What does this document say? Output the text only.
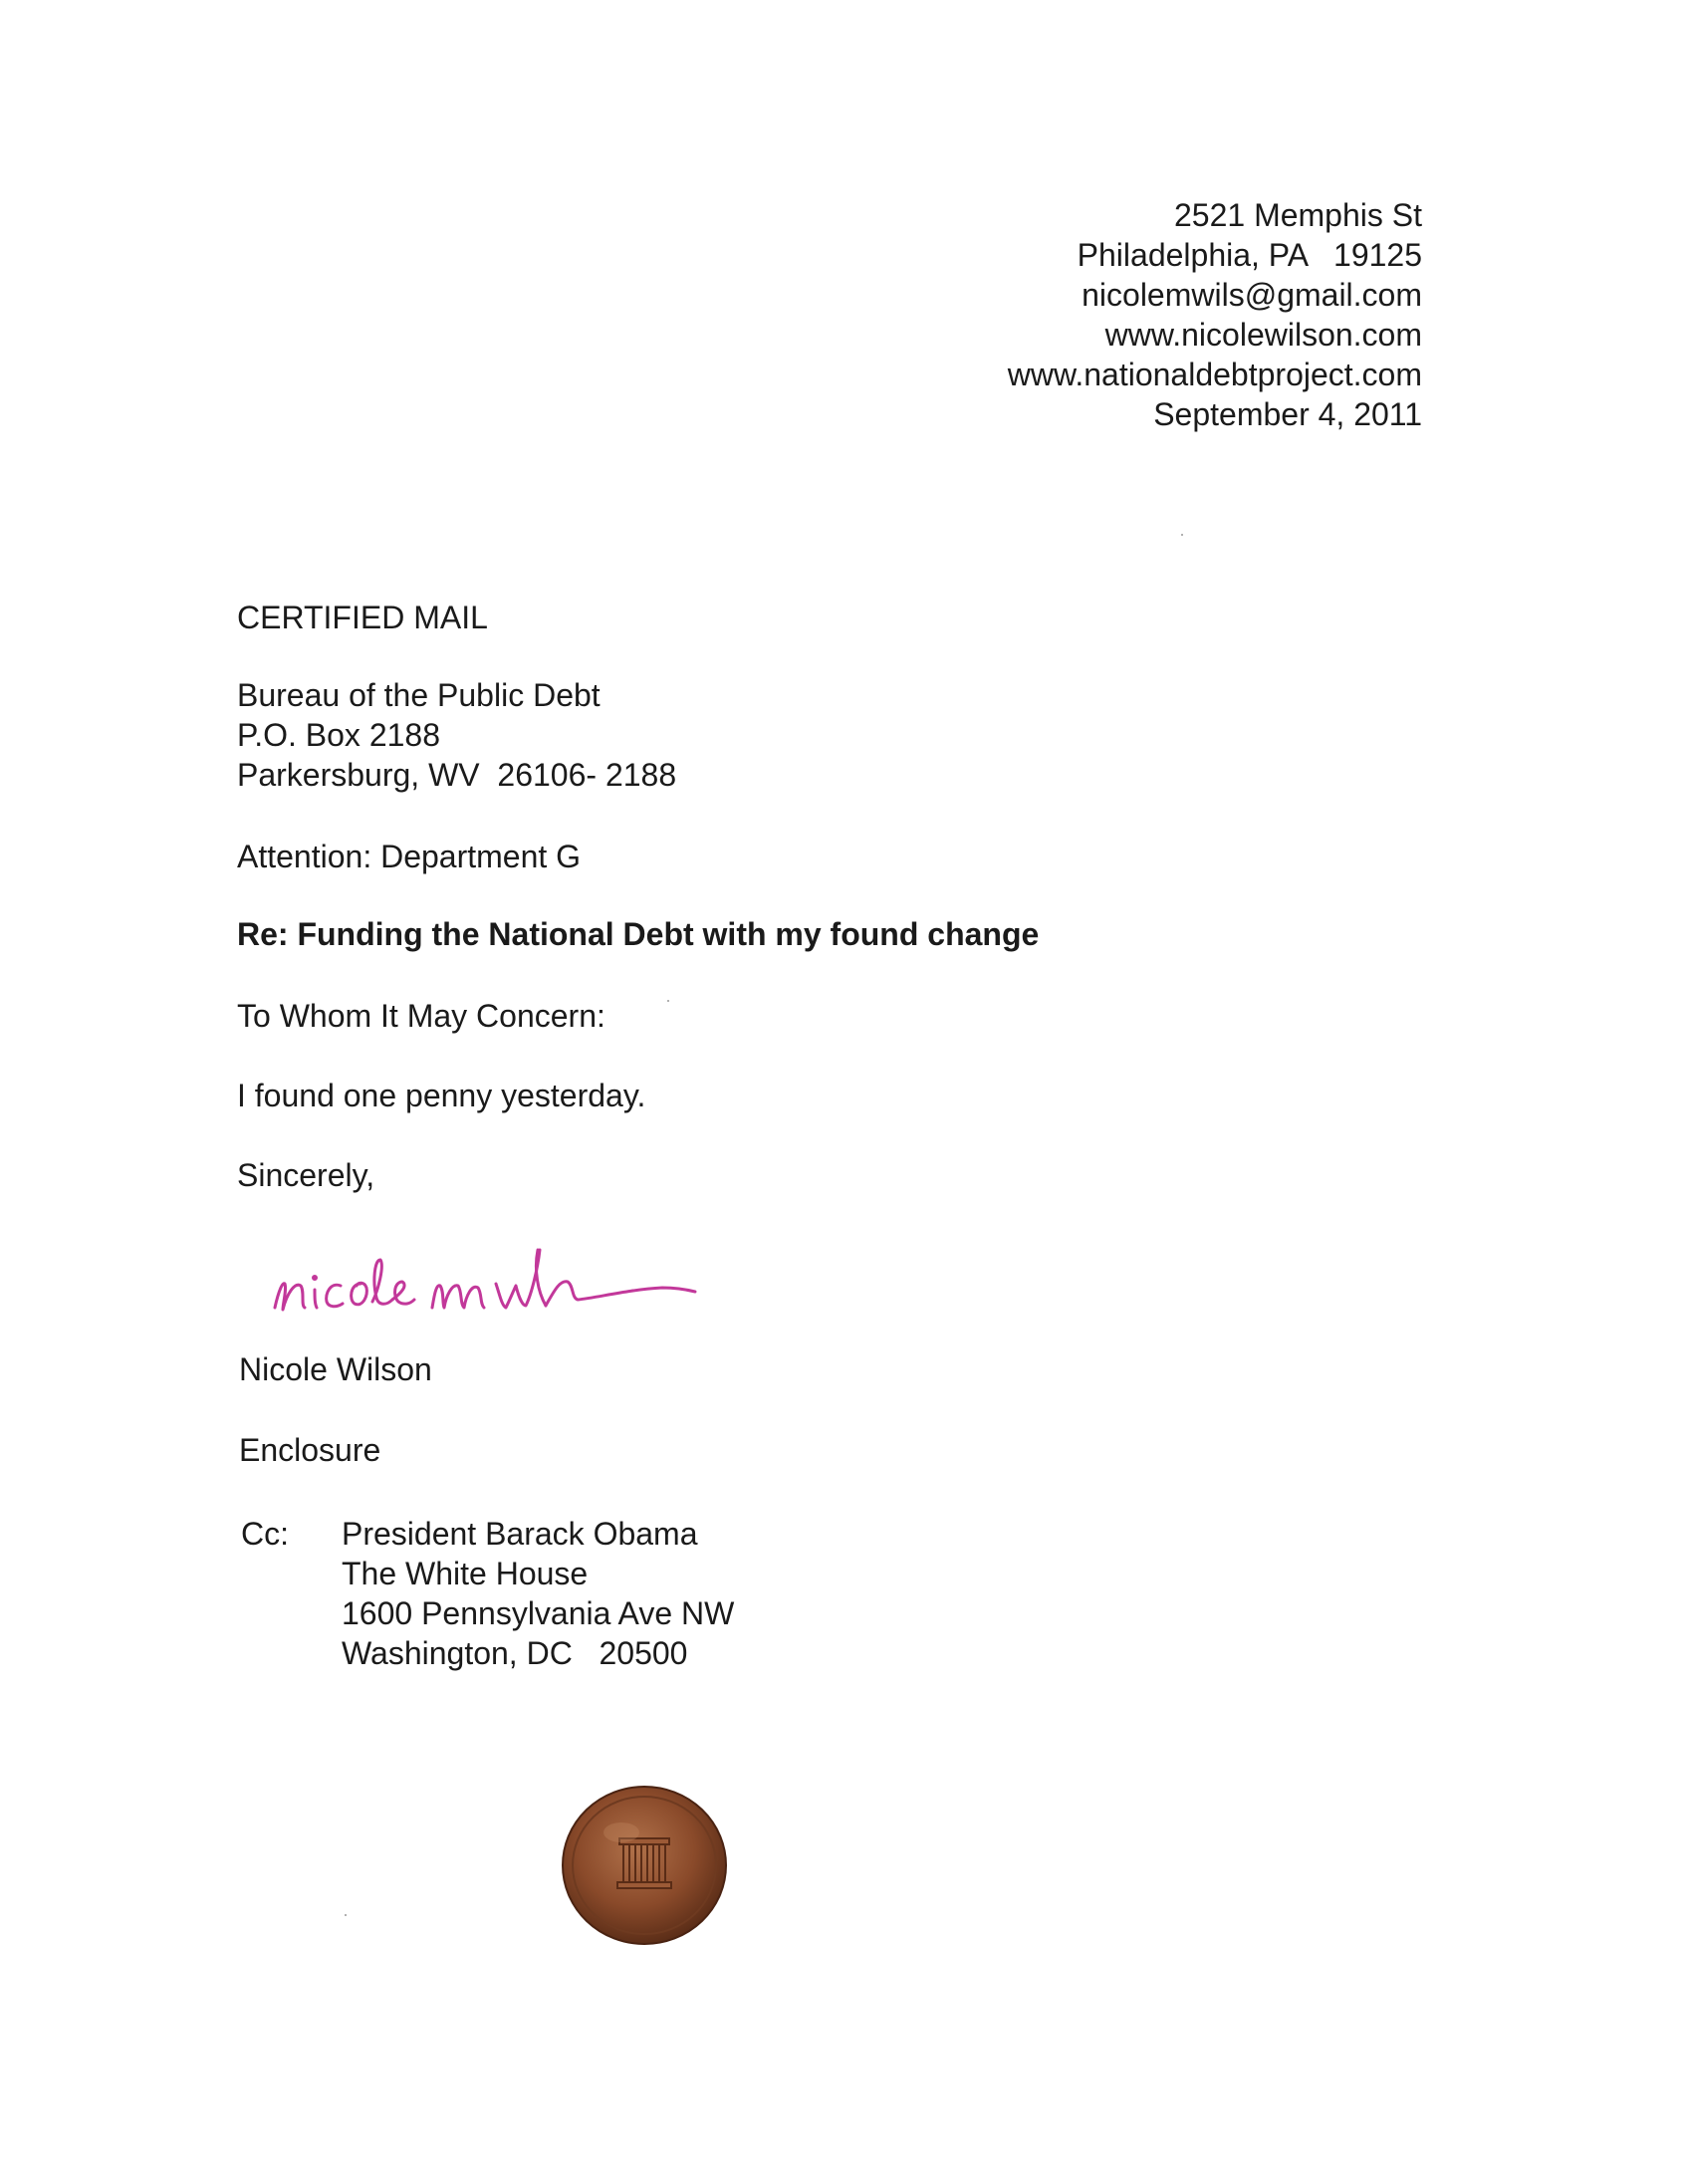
2521 Memphis St
Philadelphia, PA   19125
nicolemwils@gmail.com
www.nicolewilson.com
www.nationaldebtproject.com
September 4, 2011
CERTIFIED MAIL
Bureau of the Public Debt
P.O. Box 2188
Parkersburg, WV  26106- 2188
Attention: Department G
Re: Funding the National Debt with my found change
To Whom It May Concern:
I found one penny yesterday.
Sincerely,
Nicole Wilson
Enclosure
Cc: President Barack Obama
The White House
1600 Pennsylvania Ave NW
Washington, DC   20500
